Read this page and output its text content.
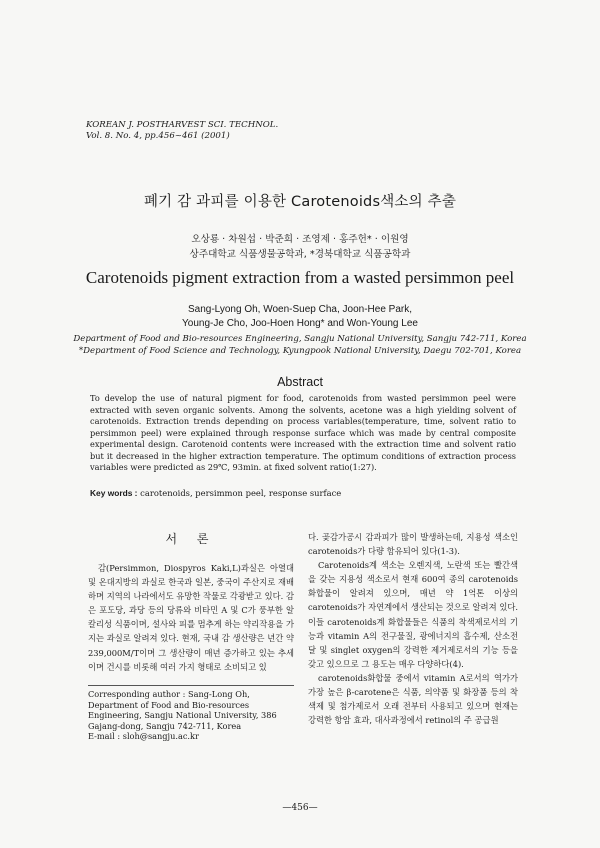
KOREAN J. POSTHARVEST SCI. TECHNOL.
Vol. 8. No. 4, pp.456~461 (2001)
폐기 감 과피를 이용한 Carotenoids색소의 추출
오상룡 · 차원섭 · 박준희 · 조영제 · 홍주헌* · 이원영
상주대학교 식품생물공학과, *경북대학교 식품공학과
Carotenoids pigment extraction from a wasted persimmon peel
Sang-Lyong Oh, Woen-Suep Cha, Joon-Hee Park,
Young-Je Cho, Joo-Hoen Hong* and Won-Young Lee
Department of Food and Bio-resources Engineering, Sangju National University, Sangju 742-711, Korea
*Department of Food Science and Technology, Kyungpook National University, Daegu 702-701, Korea
Abstract
To develop the use of natural pigment for food, carotenoids from wasted persimmon peel were extracted with seven organic solvents. Among the solvents, acetone was a high yielding solvent of carotenoids. Extraction trends depending on process variables(temperature, time, solvent ratio to persimmon peel) were explained through response surface which was made by central composite experimental design. Carotenoid contents were increased with the extraction time and solvent ratio but it decreased in the higher extraction temperature. The optimum conditions of extraction process variables were predicted as 29℃, 93min. at fixed solvent ratio(1:27).
Key words : carotenoids, persimmon peel, response surface
서 론

감(Persimmon, Diospyros Kaki,L)과실은 아열대 및 온대지방의 과실로 한국과 일본, 중국이 주산지로 재배하며 지역의 나라에서도 유망한 작물로 각광받고 있다. 감은 포도당, 과당 등의 당류와 비타민 A 및 C가 풍부한 알칼리성 식품이며, 설사와 피를 멈추게 하는 약리작용을 가지는 과실로 알려져 있다. 현재, 국내 감 생산량은 년간 약 239,000M/T이며 그 생산량이 매년 증가하고 있는 추세이며 건시를 비롯해 여러 가지 형태로 소비되고 있

Corresponding author : Sang-Long Oh, Department of Food and Bio-resources Engineering, Sangju National University, 386 Gajang-dong, Sangju 742-711, Korea
E-mail : sloh@sangju.ac.kr

다. 곶감가공시 감과피가 많이 발생하는데, 지용성 색소인 carotenoids가 다량 함유되어 있다(1-3).

Carotenoids계 색소는 오렌지색, 노란색 또는 빨간색을 갖는 지용성 색소로서 현재 600여 종의 carotenoids 화합물이 알려져 있으며, 매년 약 1억톤 이상의 carotenoids가 자연계에서 생산되는 것으로 알려져 있다. 이들 carotenoids계 화합물들은 식품의 착색제로서의 기능과 vitamin A의 전구물질, 광에너지의 흡수제, 산소전달 및 singlet oxygen의 강력한 제거제로서의 기능 등을 갖고 있으므로 그 용도는 매우 다양하다(4).

carotenoids화합물 중에서 vitamin A로서의 역가가 가장 높은 β-carotene은 식품, 의약품 및 화장품 등의 착색제 및 첨가제로서 오래 전부터 사용되고 있으며 현재는 강력한 항암 효과, 대사과정에서 retinol의 주 공급원

—456—
